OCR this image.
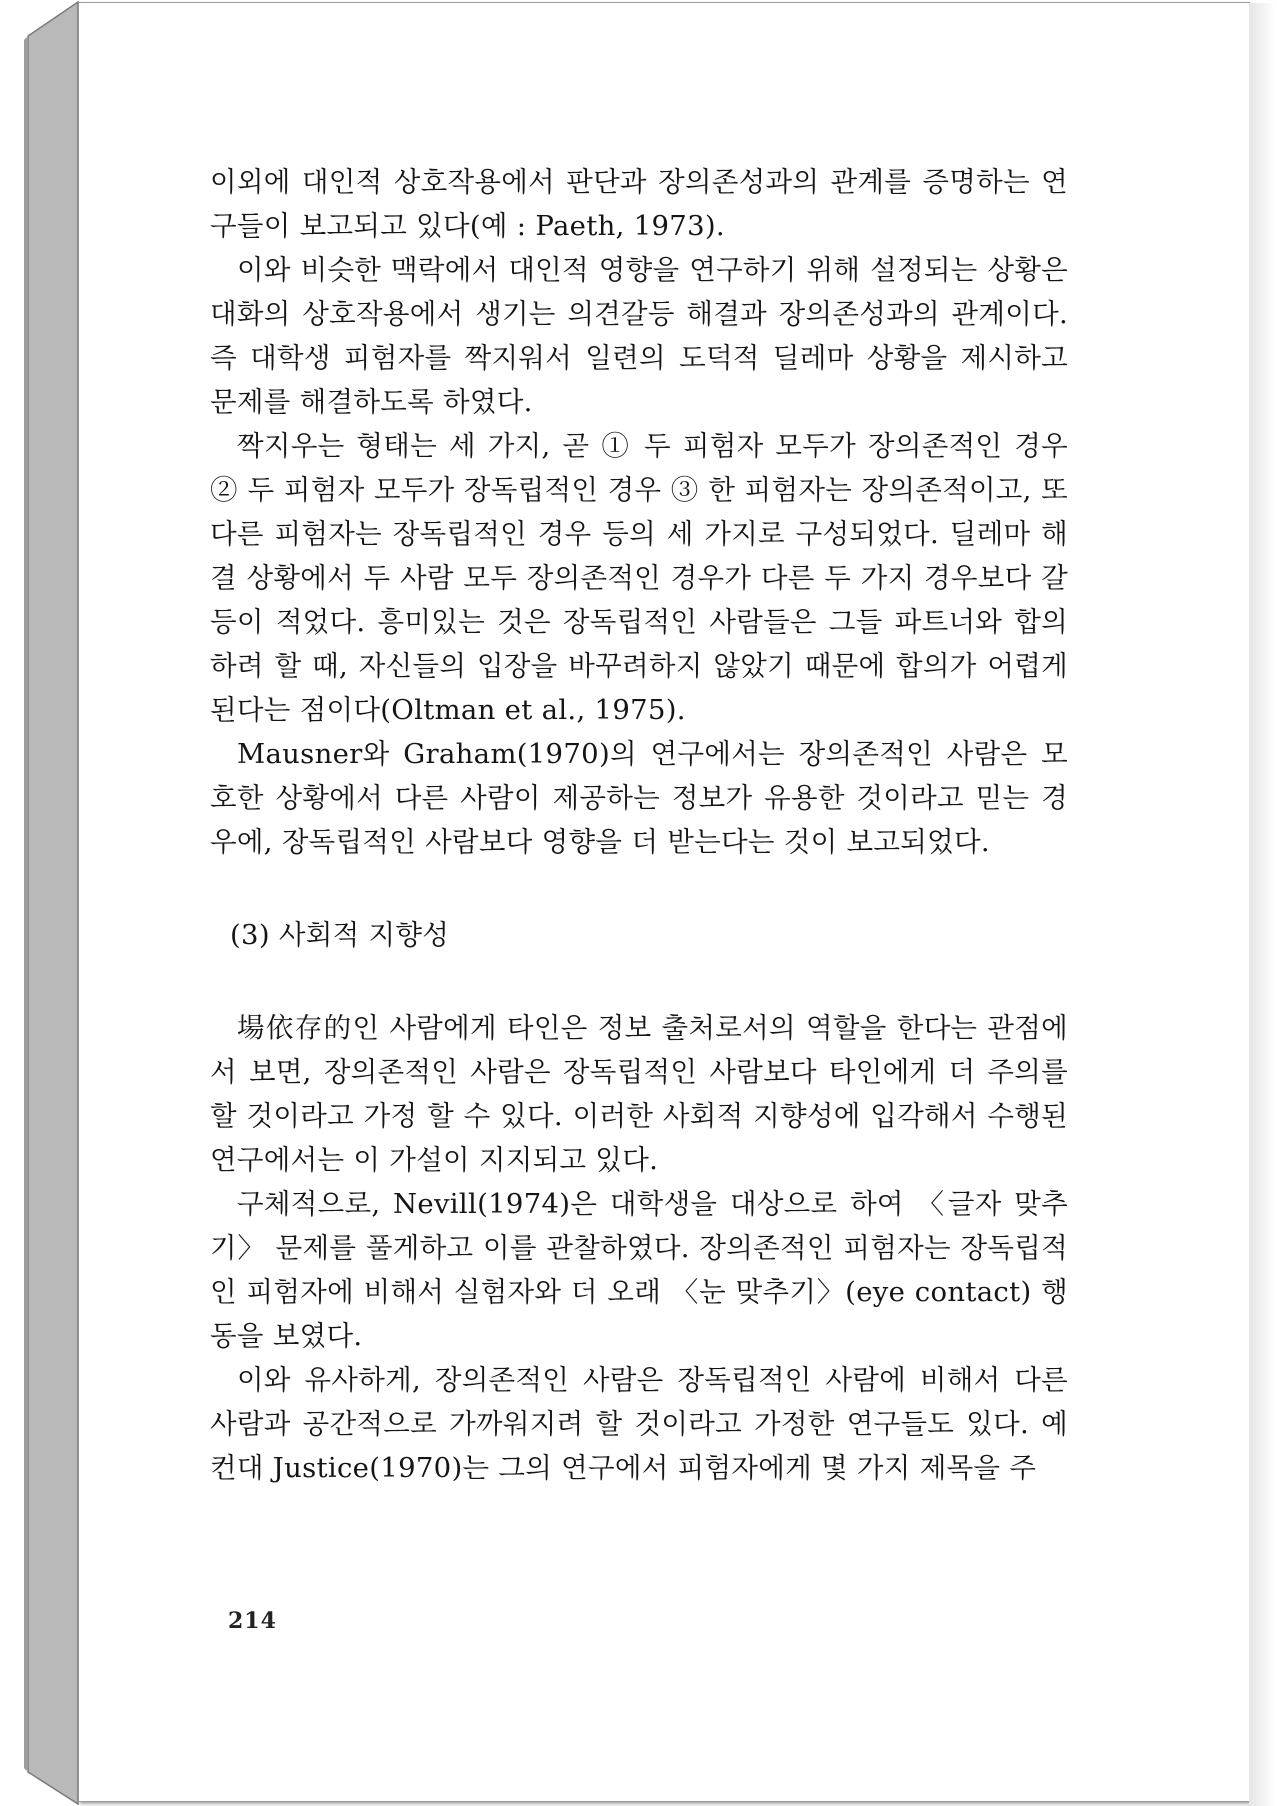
이외에 대인적 상호작용에서 판단과 장의존성과의 관계를 증명하는 연구들이 보고되고 있다(예 : Paeth, 1973).

이와 비슷한 맥락에서 대인적 영향을 연구하기 위해 설정되는 상황은 대화의 상호작용에서 생기는 의견갈등 해결과 장의존성과의 관계이다. 즉 대학생 피험자를 짝지워서 일련의 도덕적 딜레마 상황을 제시하고 문제를 해결하도록 하였다.

짝지우는 형태는 세 가지, 곧 ① 두 피험자 모두가 장의존적인 경우 ② 두 피험자 모두가 장독립적인 경우 ③ 한 피험자는 장의존적이고, 또 다른 피험자는 장독립적인 경우 등의 세 가지로 구성되었다. 딜레마 해결 상황에서 두 사람 모두 장의존적인 경우가 다른 두 가지 경우보다 갈등이 적었다. 흥미있는 것은 장독립적인 사람들은 그들 파트너와 합의하려 할 때, 자신들의 입장을 바꾸려하지 않았기 때문에 합의가 어렵게 된다는 점이다(Oltman et al., 1975).

Mausner와 Graham(1970)의 연구에서는 장의존적인 사람은 모호한 상황에서 다른 사람이 제공하는 정보가 유용한 것이라고 믿는 경우에, 장독립적인 사람보다 영향을 더 받는다는 것이 보고되었다.

(3) 사회적 지향성

場依存的인 사람에게 타인은 정보 출처로서의 역할을 한다는 관점에서 보면, 장의존적인 사람은 장독립적인 사람보다 타인에게 더 주의를 할 것이라고 가정 할 수 있다. 이러한 사회적 지향성에 입각해서 수행된 연구에서는 이 가설이 지지되고 있다.

구체적으로, Nevill(1974)은 대학생을 대상으로 하여 〈글자 맞추기〉 문제를 풀게하고 이를 관찰하였다. 장의존적인 피험자는 장독립적인 피험자에 비해서 실험자와 더 오래 〈눈 맞추기〉(eye contact) 행동을 보였다.

이와 유사하게, 장의존적인 사람은 장독립적인 사람에 비해서 다른 사람과 공간적으로 가까워지려 할 것이라고 가정한 연구들도 있다. 예컨대 Justice(1970)는 그의 연구에서 피험자에게 몇 가지 제목을 주

214
